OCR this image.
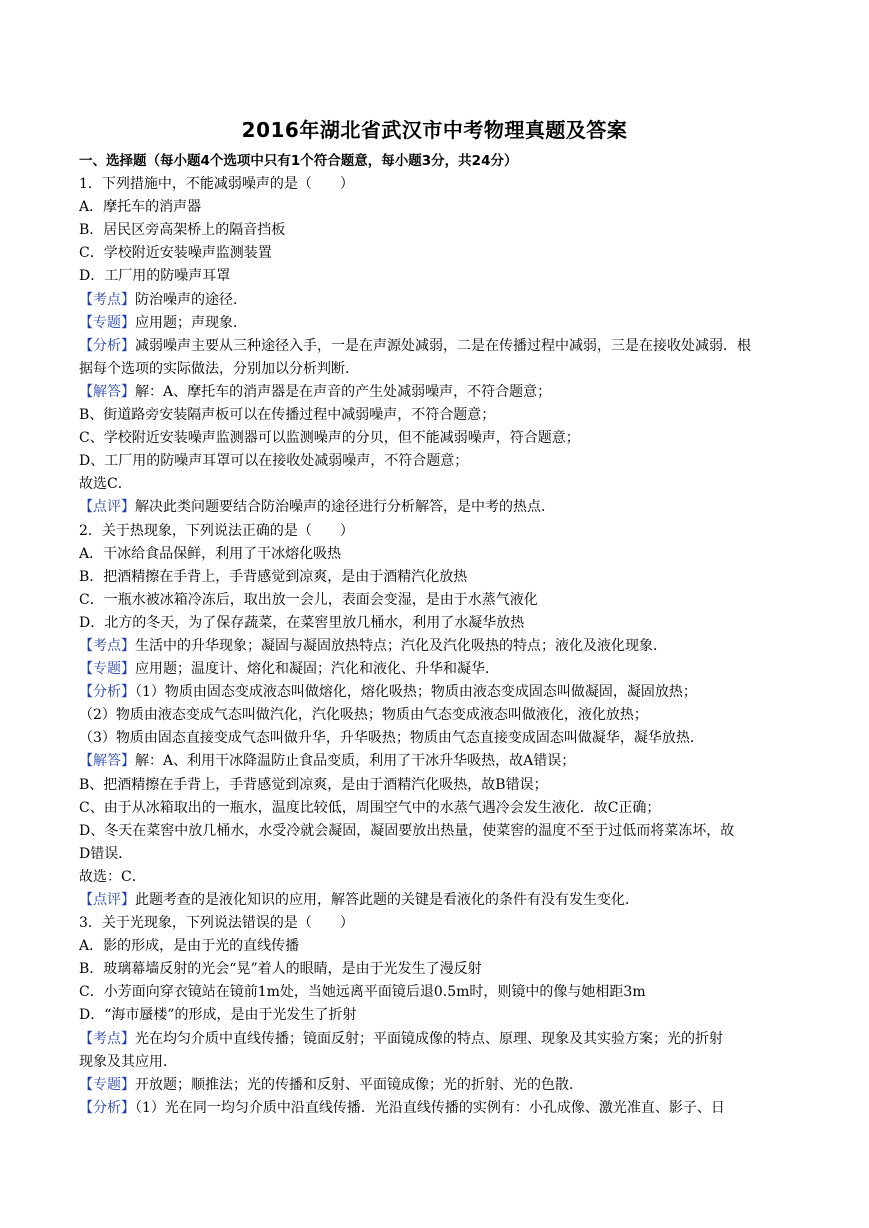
2016年湖北省武汉市中考物理真题及答案
一、选择题（每小题4个选项中只有1个符合题意，每小题3分，共24分）
1．下列措施中，不能减弱噪声的是（　　）
A．摩托车的消声器
B．居民区旁高架桥上的隔音挡板
C．学校附近安装噪声监测装置
D．工厂用的防噪声耳罩
【考点】防治噪声的途径．
【专题】应用题；声现象．
【分析】减弱噪声主要从三种途径入手，一是在声源处减弱，二是在传播过程中减弱，三是在接收处减弱．根
据每个选项的实际做法，分别加以分析判断．
【解答】解：A、摩托车的消声器是在声音的产生处减弱噪声，不符合题意；
B、街道路旁安装隔声板可以在传播过程中减弱噪声，不符合题意；
C、学校附近安装噪声监测器可以监测噪声的分贝，但不能减弱噪声，符合题意；
D、工厂用的防噪声耳罩可以在接收处减弱噪声，不符合题意；
故选C．
【点评】解决此类问题要结合防治噪声的途径进行分析解答，是中考的热点．
2．关于热现象，下列说法正确的是（　　）
A．干冰给食品保鲜，利用了干冰熔化吸热
B．把酒精擦在手背上，手背感觉到凉爽，是由于酒精汽化放热
C．一瓶水被冰箱冷冻后，取出放一会儿，表面会变湿，是由于水蒸气液化
D．北方的冬天，为了保存蔬菜，在菜窖里放几桶水，利用了水凝华放热
【考点】生活中的升华现象；凝固与凝固放热特点；汽化及汽化吸热的特点；液化及液化现象．
【专题】应用题；温度计、熔化和凝固；汽化和液化、升华和凝华．
【分析】（1）物质由固态变成液态叫做熔化，熔化吸热；物质由液态变成固态叫做凝固，凝固放热；
（2）物质由液态变成气态叫做汽化，汽化吸热；物质由气态变成液态叫做液化，液化放热；
（3）物质由固态直接变成气态叫做升华，升华吸热；物质由气态直接变成固态叫做凝华，凝华放热．
【解答】解：A、利用干冰降温防止食品变质，利用了干冰升华吸热，故A错误；
B、把酒精擦在手背上，手背感觉到凉爽，是由于酒精汽化吸热，故B错误；
C、由于从冰箱取出的一瓶水，温度比较低，周围空气中的水蒸气遇冷会发生液化．故C正确；
D、冬天在菜窖中放几桶水，水受冷就会凝固，凝固要放出热量，使菜窖的温度不至于过低而将菜冻坏，故
D错误．
故选：C．
【点评】此题考查的是液化知识的应用，解答此题的关键是看液化的条件有没有发生变化．
3．关于光现象，下列说法错误的是（　　）
A．影的形成，是由于光的直线传播
B．玻璃幕墙反射的光会“晃”着人的眼睛，是由于光发生了漫反射
C．小芳面向穿衣镜站在镜前1m处，当她远离平面镜后退0.5m时，则镜中的像与她相距3m
D．“海市蜃楼”的形成，是由于光发生了折射
【考点】光在均匀介质中直线传播；镜面反射；平面镜成像的特点、原理、现象及其实验方案；光的折射
现象及其应用．
【专题】开放题；顺推法；光的传播和反射、平面镜成像；光的折射、光的色散．
【分析】（1）光在同一均匀介质中沿直线传播．光沿直线传播的实例有：小孔成像、激光准直、影子、日
